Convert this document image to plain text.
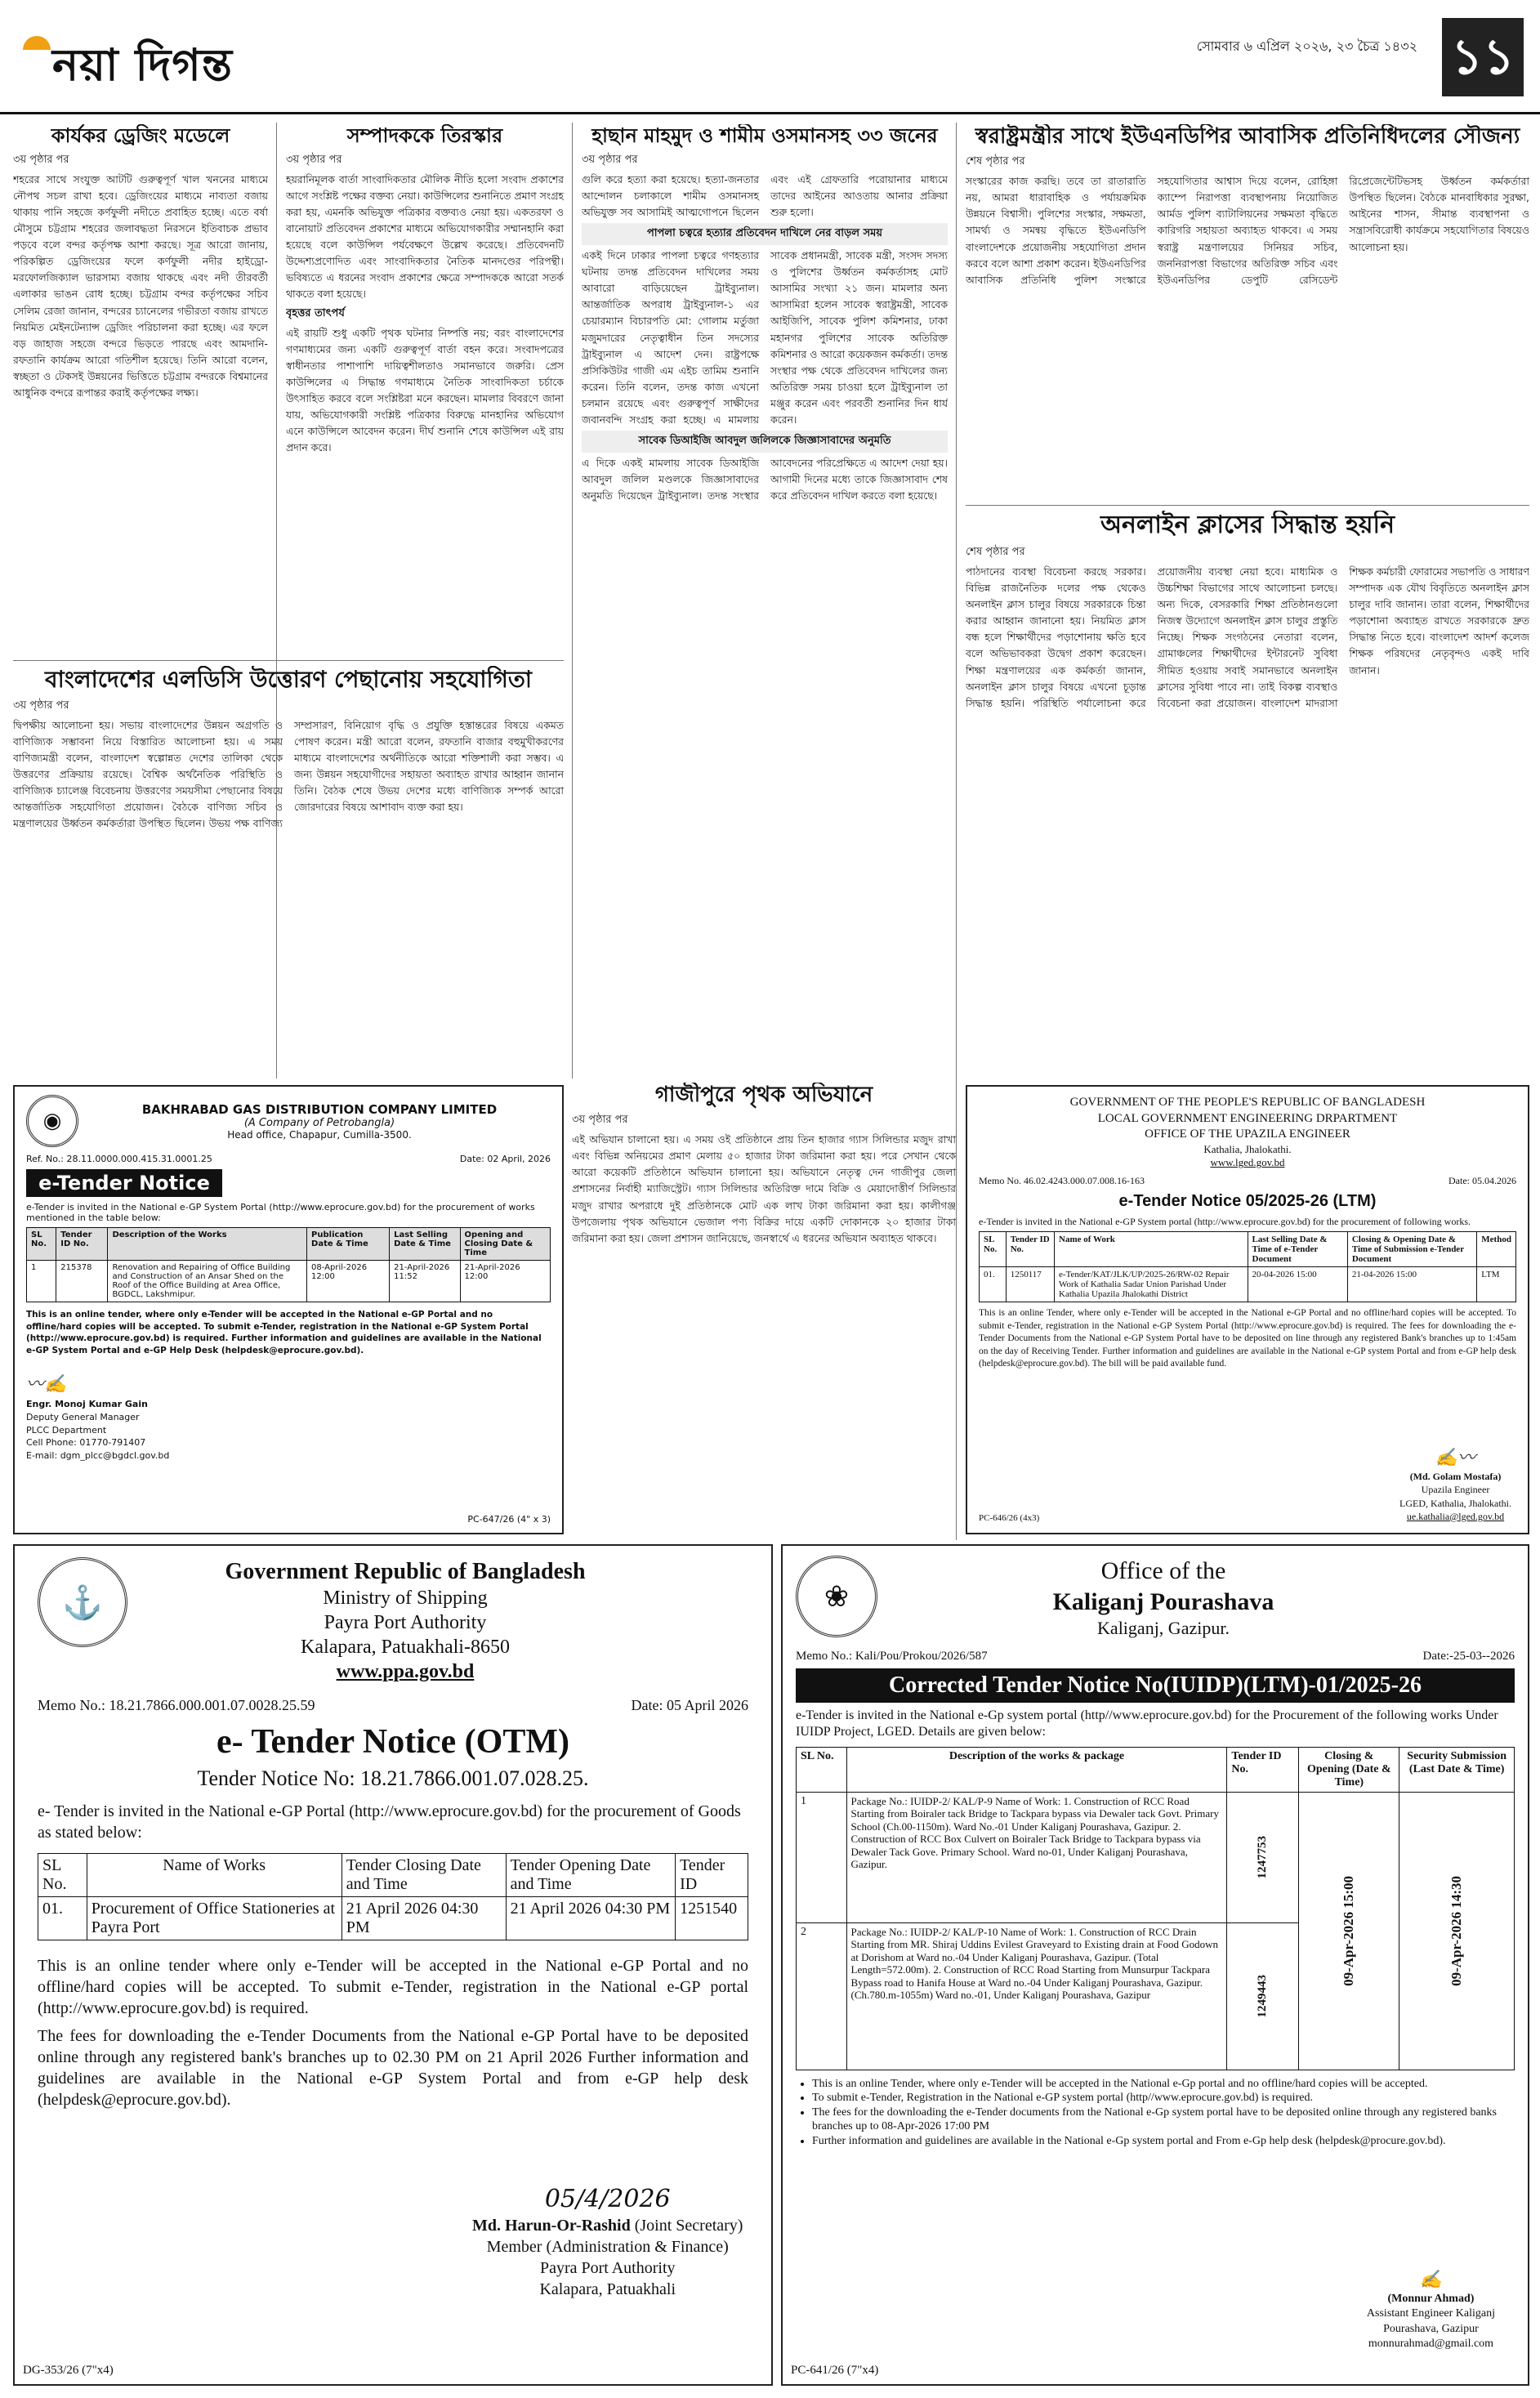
নয়া দিগন্ত	সোমবার ৬ এপ্রিল ২০২৬, ২৩ চৈত্র ১৪৩২ ১১
কার্যকর ড্রেজিং মডেলে
৩য় পৃষ্ঠার পর
শহরের সাথে সংযুক্ত আটটি গুরুত্বপূর্ণ খাল খননের মাধ্যমে নৌপথ সচল রাখা হবে। ড্রেজিংয়ের মাধ্যমে নাব্যতা বজায় থাকায় পানি সহজে কর্ণফুলী নদীতে প্রবাহিত হচ্ছে। এতে বর্ষা মৌসুমে চট্টগ্রাম শহরের জলাবদ্ধতা নিরসনে ইতিবাচক প্রভাব পড়বে বলে বন্দর কর্তৃপক্ষ আশা করছে। সূত্র আরো জানায়, পরিকল্পিত ড্রেজিংয়ের ফলে কর্ণফুলী নদীর হাইড্রো-মরফোলজিক্যাল ভারসাম্য বজায় থাকছে এবং নদী তীরবর্তী এলাকার ভাঙন রোধ হচ্ছে। চট্টগ্রাম বন্দর কর্তৃপক্ষের সচিব সেলিম রেজা জানান, বন্দরের চ্যানেলের গভীরতা বজায় রাখতে নিয়মিত মেইনটেন্যান্স ড্রেজিং পরিচালনা করা হচ্ছে। এর ফলে বড় জাহাজ সহজে বন্দরে ভিড়তে পারছে এবং আমদানি-রফতানি কার্যক্রম আরো গতিশীল হয়েছে। তিনি আরো বলেন, স্বচ্ছতা ও টেকসই উন্নয়নের ভিত্তিতে চট্টগ্রাম বন্দরকে বিশ্বমানের আধুনিক বন্দরে রূপান্তর করাই কর্তৃপক্ষের লক্ষ্য।
সম্পাদককে তিরস্কার
৩য় পৃষ্ঠার পর
হয়রানিমূলক বার্তা সাংবাদিকতার মৌলিক নীতি হলো সংবাদ প্রকাশের আগে সংশ্লিষ্ট পক্ষের বক্তব্য নেয়া। কাউন্সিলের শুনানিতে প্রমাণ সংগ্রহ করা হয়, এমনকি অভিযুক্ত পত্রিকার বক্তব্যও নেয়া হয়। একতরফা ও বানোয়াট প্রতিবেদন প্রকাশের মাধ্যমে অভিযোগকারীর সম্মানহানি করা হয়েছে বলে কাউন্সিল পর্যবেক্ষণে উল্লেখ করেছে। প্রতিবেদনটি উদ্দেশ্যপ্রণোদিত এবং সাংবাদিকতার নৈতিক মানদণ্ডের পরিপন্থী। ভবিষ্যতে এ ধরনের সংবাদ প্রকাশের ক্ষেত্রে সম্পাদককে আরো সতর্ক থাকতে বলা হয়েছে।
বৃহত্তর তাৎপর্য
এই রায়টি শুধু একটি পৃথক ঘটনার নিষ্পত্তি নয়; বরং বাংলাদেশের গণমাধ্যমের জন্য একটি গুরুত্বপূর্ণ বার্তা বহন করে। সংবাদপত্রের স্বাধীনতার পাশাপাশি দায়িত্বশীলতাও সমানভাবে জরুরি। প্রেস কাউন্সিলের এ সিদ্ধান্ত গণমাধ্যমে নৈতিক সাংবাদিকতা চর্চাকে উৎসাহিত করবে বলে সংশ্লিষ্টরা মনে করছেন। মামলার বিবরণে জানা যায়, অভিযোগকারী সংশ্লিষ্ট পত্রিকার বিরুদ্ধে মানহানির অভিযোগ এনে কাউন্সিলে আবেদন করেন। দীর্ঘ শুনানি শেষে কাউন্সিল এই রায় প্রদান করে।
বাংলাদেশের এলডিসি উত্তোরণ পেছানোয় সহযোগিতা
৩য় পৃষ্ঠার পর
দ্বিপক্ষীয় আলোচনা হয়। সভায় বাংলাদেশের উন্নয়ন অগ্রগতি ও বাণিজ্যিক সম্ভাবনা নিয়ে বিস্তারিত আলোচনা হয়। এ সময় বাণিজ্যমন্ত্রী বলেন, বাংলাদেশ স্বল্পোন্নত দেশের তালিকা থেকে উত্তরণের প্রক্রিয়ায় রয়েছে। বৈশ্বিক অর্থনৈতিক পরিস্থিতি ও বাণিজ্যিক চ্যালেঞ্জ বিবেচনায় উত্তরণের সময়সীমা পেছানোর বিষয়ে আন্তর্জাতিক সহযোগিতা প্রয়োজন। বৈঠকে বাণিজ্য সচিব ও মন্ত্রণালয়ের উর্ধ্বতন কর্মকর্তারা উপস্থিত ছিলেন। উভয় পক্ষ বাণিজ্য সম্প্রসারণ, বিনিয়োগ বৃদ্ধি ও প্রযুক্তি হস্তান্তরের বিষয়ে একমত পোষণ করেন। মন্ত্রী আরো বলেন, রফতানি বাজার বহুমুখীকরণের মাধ্যমে বাংলাদেশের অর্থনীতিকে আরো শক্তিশালী করা সম্ভব। এ জন্য উন্নয়ন সহযোগীদের সহায়তা অব্যাহত রাখার আহ্বান জানান তিনি। বৈঠক শেষে উভয় দেশের মধ্যে বাণিজ্যিক সম্পর্ক আরো জোরদারের বিষয়ে আশাবাদ ব্যক্ত করা হয়।
হাছান মাহমুদ ও শামীম ওসমানসহ ৩৩ জনের
৩য় পৃষ্ঠার পর
গুলি করে হত্যা করা হয়েছে। হত্যা-জনতার আন্দোলন চলাকালে শামীম ওসমানসহ অভিযুক্ত সব আসামিই আত্মগোপনে ছিলেন এবং এই গ্রেফতারি পরোয়ানার মাধ্যমে তাদের আইনের আওতায় আনার প্রক্রিয়া শুরু হলো।
পাপলা চত্বরে হত্যার প্রতিবেদন দাখিলে নের বাড়ল সময়
একই দিনে ঢাকার পাপলা চত্বরে গণহত্যার ঘটনায় তদন্ত প্রতিবেদন দাখিলের সময় আবারো বাড়িয়েছেন ট্রাইব্যুনাল। আন্তর্জাতিক অপরাধ ট্রাইব্যুনাল-১ এর চেয়ারম্যান বিচারপতি মো: গোলাম মর্তুজা মজুমদারের নেতৃত্বাধীন তিন সদস্যের ট্রাইব্যুনাল এ আদেশ দেন। রাষ্ট্রপক্ষে প্রসিকিউটর গাজী এম এইচ তামিম শুনানি করেন। তিনি বলেন, তদন্ত কাজ এখনো চলমান রয়েছে এবং গুরুত্বপূর্ণ সাক্ষীদের জবানবন্দি সংগ্রহ করা হচ্ছে। এ মামলায় সাবেক প্রধানমন্ত্রী, সাবেক মন্ত্রী, সংসদ সদস্য ও পুলিশের উর্ধ্বতন কর্মকর্তাসহ মোট আসামির সংখ্যা ২১ জন। মামলার অন্য আসামিরা হলেন সাবেক স্বরাষ্ট্রমন্ত্রী, সাবেক আইজিপি, সাবেক পুলিশ কমিশনার, ঢাকা মহানগর পুলিশের সাবেক অতিরিক্ত কমিশনার ও আরো কয়েকজন কর্মকর্তা। তদন্ত সংস্থার পক্ষ থেকে প্রতিবেদন দাখিলের জন্য অতিরিক্ত সময় চাওয়া হলে ট্রাইব্যুনাল তা মঞ্জুর করেন এবং পরবর্তী শুনানির দিন ধার্য করেন।
সাবেক ডিআইজি আবদুল জলিলকে জিজ্ঞাসাবাদের অনুমতি
এ দিকে একই মামলায় সাবেক ডিআইজি আবদুল জলিল মণ্ডলকে জিজ্ঞাসাবাদের অনুমতি দিয়েছেন ট্রাইব্যুনাল। তদন্ত সংস্থার আবেদনের পরিপ্রেক্ষিতে এ আদেশ দেয়া হয়। আগামী দিনের মধ্যে তাকে জিজ্ঞাসাবাদ শেষ করে প্রতিবেদন দাখিল করতে বলা হয়েছে।
স্বরাষ্ট্রমন্ত্রীর সাথে ইউএনডিপির আবাসিক প্রতিনিধিদলের সৌজন্য
শেষ পৃষ্ঠার পর
সংস্কারের কাজ করছি। তবে তা রাতারাতি নয়, আমরা ধারাবাহিক ও পর্যায়ক্রমিক উন্নয়নে বিশ্বাসী। পুলিশের সংস্কার, সক্ষমতা, সামর্থ্য ও সমন্বয় বৃদ্ধিতে ইউএনডিপি বাংলাদেশকে প্রয়োজনীয় সহযোগিতা প্রদান করবে বলে আশা প্রকাশ করেন। ইউএনডিপির আবাসিক প্রতিনিধি পুলিশ সংস্কারে সহযোগিতার আশ্বাস দিয়ে বলেন, রোহিঙ্গা ক্যাম্পে নিরাপত্তা ব্যবস্থাপনায় নিয়োজিত আর্মড পুলিশ ব্যাটালিয়নের সক্ষমতা বৃদ্ধিতে কারিগরি সহায়তা অব্যাহত থাকবে। এ সময় স্বরাষ্ট্র মন্ত্রণালয়ের সিনিয়র সচিব, জননিরাপত্তা বিভাগের অতিরিক্ত সচিব এবং ইউএনডিপির ডেপুটি রেসিডেন্ট রিপ্রেজেন্টেটিভসহ উর্ধ্বতন কর্মকর্তারা উপস্থিত ছিলেন। বৈঠকে মানবাধিকার সুরক্ষা, আইনের শাসন, সীমান্ত ব্যবস্থাপনা ও সন্ত্রাসবিরোধী কার্যক্রমে সহযোগিতার বিষয়েও আলোচনা হয়।
অনলাইন ক্লাসের সিদ্ধান্ত হয়নি
শেষ পৃষ্ঠার পর
পাঠদানের ব্যবস্থা বিবেচনা করছে সরকার। বিভিন্ন রাজনৈতিক দলের পক্ষ থেকেও অনলাইন ক্লাস চালুর বিষয়ে সরকারকে চিন্তা করার আহ্বান জানানো হয়। নিয়মিত ক্লাস বন্ধ হলে শিক্ষার্থীদের পড়াশোনায় ক্ষতি হবে বলে অভিভাবকরা উদ্বেগ প্রকাশ করেছেন। শিক্ষা মন্ত্রণালয়ের এক কর্মকর্তা জানান, অনলাইন ক্লাস চালুর বিষয়ে এখনো চূড়ান্ত সিদ্ধান্ত হয়নি। পরিস্থিতি পর্যালোচনা করে প্রয়োজনীয় ব্যবস্থা নেয়া হবে। মাধ্যমিক ও উচ্চশিক্ষা বিভাগের সাথে আলোচনা চলছে। অন্য দিকে, বেসরকারি শিক্ষা প্রতিষ্ঠানগুলো নিজস্ব উদ্যোগে অনলাইন ক্লাস চালুর প্রস্তুতি নিচ্ছে। শিক্ষক সংগঠনের নেতারা বলেন, গ্রামাঞ্চলের শিক্ষার্থীদের ইন্টারনেট সুবিধা সীমিত হওয়ায় সবাই সমানভাবে অনলাইন ক্লাসের সুবিধা পাবে না। তাই বিকল্প ব্যবস্থাও বিবেচনা করা প্রয়োজন। বাংলাদেশ মাদরাসা শিক্ষক কর্মচারী ফোরামের সভাপতি ও সাধারণ সম্পাদক এক যৌথ বিবৃতিতে অনলাইন ক্লাস চালুর দাবি জানান। তারা বলেন, শিক্ষার্থীদের পড়াশোনা অব্যাহত রাখতে সরকারকে দ্রুত সিদ্ধান্ত নিতে হবে। বাংলাদেশ আদর্শ কলেজ শিক্ষক পরিষদের নেতৃবৃন্দও একই দাবি জানান।
গাজীপুরে পৃথক অভিযানে
৩য় পৃষ্ঠার পর
এই অভিযান চালানো হয়। এ সময় ওই প্রতিষ্ঠানে প্রায় তিন হাজার গ্যাস সিলিন্ডার মজুদ রাখা এবং বিভিন্ন অনিয়মের প্রমাণ মেলায় ৫০ হাজার টাকা জরিমানা করা হয়। পরে সেখান থেকে আরো কয়েকটি প্রতিষ্ঠানে অভিযান চালানো হয়। অভিযানে নেতৃত্ব দেন গাজীপুর জেলা প্রশাসনের নির্বাহী ম্যাজিস্ট্রেট। গ্যাস সিলিন্ডার অতিরিক্ত দামে বিক্রি ও মেয়াদোত্তীর্ণ সিলিন্ডার মজুদ রাখার অপরাধে দুই প্রতিষ্ঠানকে মোট এক লাখ টাকা জরিমানা করা হয়। কালীগঞ্জ উপজেলায় পৃথক অভিযানে ভেজাল পণ্য বিক্রির দায়ে একটি দোকানকে ২০ হাজার টাকা জরিমানা করা হয়। জেলা প্রশাসন জানিয়েছে, জনস্বার্থে এ ধরনের অভিযান অব্যাহত থাকবে।
◉	BAKHRABAD GAS DISTRIBUTION COMPANY LIMITED
(A Company of Petrobangla)
Head office, Chapapur, Cumilla-3500.
Ref. No.: 28.11.0000.000.415.31.0001.25	Date: 02 April, 2026
e-Tender Notice
e-Tender is invited in the National e-GP System Portal (http://www.eprocure.gov.bd) for the procurement of works mentioned in the table below:
SL No.	Tender ID No.	Description of the Works	Publication Date & Time	Last Selling Date & Time	Opening and Closing Date & Time
1	215378	Renovation and Repairing of Office Building and Construction of an Ansar Shed on the Roof of the Office Building at Area Office, BGDCL, Lakshmipur.	08-April-2026 12:00	21-April-2026 11:52	21-April-2026 12:00
This is an online tender, where only e-Tender will be accepted in the National e-GP Portal and no offline/hard copies will be accepted. To submit e-Tender, registration in the National e-GP System Portal (http://www.eprocure.gov.bd) is required. Further information and guidelines are available in the National e-GP System Portal and e-GP Help Desk (helpdesk@eprocure.gov.bd).
〰✍
Engr. Monoj Kumar Gain
Deputy General Manager
PLCC Department
Cell Phone: 01770-791407
E-mail: dgm_plcc@bgdcl.gov.bd
PC-647/26 (4" x 3)
GOVERNMENT OF THE PEOPLE'S REPUBLIC OF BANGLADESH
LOCAL GOVERNMENT ENGINEERING DRPARTMENT
OFFICE OF THE UPAZILA ENGINEER
Kathalia, Jhalokathi.
www.lged.gov.bd
Memo No. 46.02.4243.000.07.008.16-163	Date: 05.04.2026
e-Tender Notice 05/2025-26 (LTM)
e-Tender is invited in the National e-GP System portal (http://www.eprocure.gov.bd) for the procurement of following works.
SL No.	Tender ID No.	Name of Work	Last Selling Date & Time of e-Tender Document	Closing & Opening Date & Time of Submission e-Tender Document	Method
01.	1250117	e-Tender/KAT/JLK/UP/2025-26/RW-02 Repair Work of Kathalia Sadar Union Parishad Under Kathalia Upazila Jhalokathi District	20-04-2026 15:00	21-04-2026 15:00	LTM
This is an online Tender, where only e-Tender will be accepted in the National e-GP Portal and no offline/hard copies will be accepted. To submit e-Tender, registration in the National e-GP System Portal (http://www.eprocure.gov.bd) is required. The fees for downloading the e-Tender Documents from the National e-GP System Portal have to be deposited on line through any registered Bank's branches up to 1:45am on the day of Receiving Tender. Further information and guidelines are available in the National e-GP system Portal and from e-GP help desk (helpdesk@eprocure.gov.bd). The bill will be paid available fund.
✍〰
(Md. Golam Mostafa)
Upazila Engineer
LGED, Kathalia, Jhalokathi.
ue.kathalia@lged.gov.bd
PC-646/26 (4x3)
⚓
Government Republic of Bangladesh
Ministry of Shipping
Payra Port Authority
Kalapara, Patuakhali-8650
www.ppa.gov.bd
Memo No.: 18.21.7866.000.001.07.0028.25.59	Date: 05 April 2026
e- Tender Notice (OTM)
Tender Notice No: 18.21.7866.001.07.028.25.
e- Tender is invited in the National e-GP Portal (http://www.eprocure.gov.bd) for the procurement of Goods as stated below:
SL No.	Name of Works	Tender Closing Date and Time	Tender Opening Date and Time	Tender ID
01.	Procurement of Office Stationeries at Payra Port	21 April 2026 04:30 PM	21 April 2026 04:30 PM	1251540
This is an online tender where only e-Tender will be accepted in the National e-GP Portal and no offline/hard copies will be accepted. To submit e-Tender, registration in the National e-GP portal (http://www.eprocure.gov.bd) is required.
The fees for downloading the e-Tender Documents from the National e-GP Portal have to be deposited online through any registered bank's branches up to 02.30 PM on 21 April 2026 Further information and guidelines are available in the National e-GP System Portal and from e-GP help desk (helpdesk@eprocure.gov.bd).
05/4/2026
Md. Harun-Or-Rashid (Joint Secretary)
Member (Administration & Finance)
Payra Port Authority
Kalapara, Patuakhali
DG-353/26 (7"x4)
❀
Office of the
Kaliganj Pourashava
Kaliganj, Gazipur.
Memo No.: Kali/Pou/Prokou/2026/587	Date:-25-03--2026
Corrected Tender Notice No(IUIDP)(LTM)-01/2025-26
e-Tender is invited in the National e-Gp system portal (http//www.eprocure.gov.bd) for the Procurement of the following works Under IUIDP Project, LGED. Details are given below:
SL No.	Description of the works & package	Tender ID No.	Closing & Opening (Date & Time)	Security Submission (Last Date & Time)
1	Package No.: IUIDP-2/ KAL/P-9 Name of Work: 1. Construction of RCC Road Starting from Boiraler tack Bridge to Tackpara bypass via Dewaler tack Govt. Primary School (Ch.00-1150m). Ward No.-01 Under Kaliganj Pourashava, Gazipur. 2. Construction of RCC Box Culvert on Boiraler Tack Bridge to Tackpara bypass via Dewaler Tack Gove. Primary School. Ward no-01, Under Kaliganj Pourashava, Gazipur.	1247753	09-Apr-2026 15:00	09-Apr-2026 14:30

2	Package No.: IUIDP-2/ KAL/P-10 Name of Work: 1. Construction of RCC Drain Starting from MR. Shiraj Uddins Evilest Graveyard to Existing drain at Food Godown at Dorishom at Ward no.-04 Under Kaliganj Pourashava, Gazipur. (Total Length=572.00m). 2. Construction of RCC Road Starting from Munsurpur Tackpara Bypass road to Hanifa House at Ward no.-04 Under Kaliganj Pourashava, Gazipur. (Ch.780.m-1055m) Ward no.-01, Under Kaliganj Pourashava, Gazipur	1249443		
• This is an online Tender, where only e-Tender will be accepted in the National e-Gp portal and no offline/hard copies will be accepted.
• To submit e-Tender, Registration in the National e-GP system portal (http//www.eprocure.gov.bd) is required.
• The fees for the downloading the e-Tender documents from the National e-Gp system portal have to be deposited online through any registered banks branches up to 08-Apr-2026 17:00 PM
• Further information and guidelines are available in the National e-Gp system portal and From e-Gp help desk (helpdesk@procure.gov.bd).
✍
(Monnur Ahmad)
Assistant Engineer Kaliganj
Pourashava, Gazipur
monnurahmad@gmail.com
PC-641/26 (7"x4)
